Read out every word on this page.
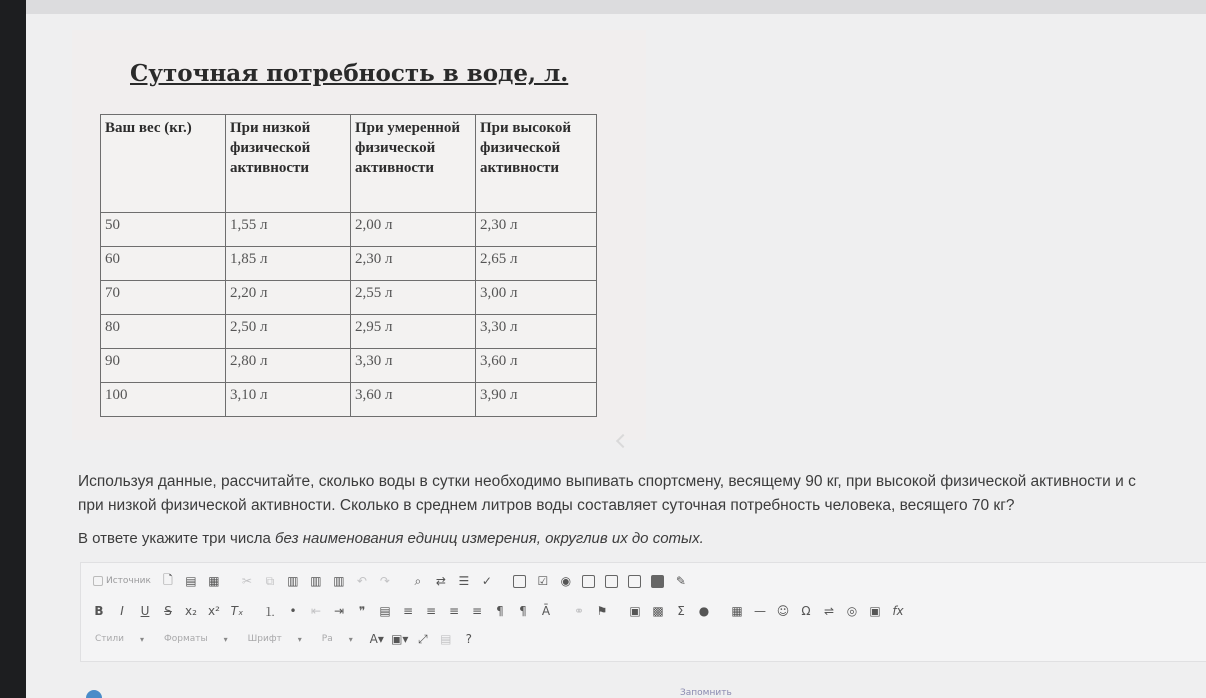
Суточная потребность в воде, л.
Ваш вес (кг.)	При низкой физической активности	При умеренной физической активности	При высокой физической активности
50	1,55 л	2,00 л	2,30 л
60	1,85 л	2,30 л	2,65 л
70	2,20 л	2,55 л	3,00 л
80	2,50 л	2,95 л	3,30 л
90	2,80 л	3,30 л	3,60 л
100	3,10 л	3,60 л	3,90 л

Используя данные, рассчитайте, сколько воды в сутки необходимо выпивать спортсмену, весящему 90 кг, при высокой физической активности и с

при низкой физической активности. Сколько в среднем литров воды составляет суточная потребность человека, весящего 70 кг?

В ответе укажите три числа без наименования единиц измерения, округлив их до сотых.
Источник	🗋	▤ ▦	✂	⧉	▥ ▥ ▥	↶	↷	⌕	⇄	☰	✓	☑	◉	✎
B	I	U	S	x₂ x² Tₓ	⒈	•	⇤	⇥	❞	▤	≡	≡	≡	≡	¶	¶	Ā	⚭	⚑	▣ ▩	Σ	●	▦ — ☺	Ω	⇌	◎	▣ fx
Стили ▾ Форматы ▾ Шрифт ▾ Ра ▾ A▾ ▣▾ ⤢	▤	?
Запомнить
